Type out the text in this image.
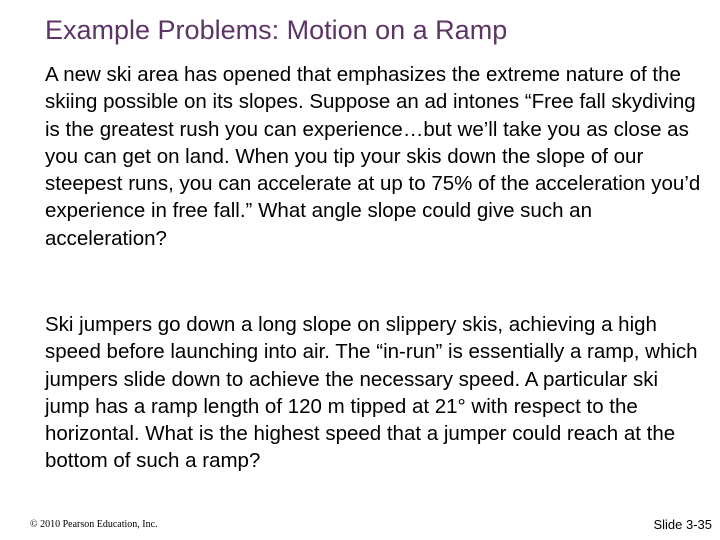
Example Problems: Motion on a Ramp
A new ski area has opened that emphasizes the extreme nature of the skiing possible on its slopes. Suppose an ad intones “Free fall skydiving is the greatest rush you can experience…but we’ll take you as close as you can get on land. When you tip your skis down the slope of our steepest runs, you can accelerate at up to 75% of the acceleration you’d experience in free fall.” What angle slope could give such an acceleration?
Ski jumpers go down a long slope on slippery skis, achieving a high speed before launching into air. The “in-run” is essentially a ramp, which jumpers slide down to achieve the necessary speed. A particular ski jump has a ramp length of 120 m tipped at 21° with respect to the horizontal. What is the highest speed that a jumper could reach at the bottom of such a ramp?
© 2010 Pearson Education, Inc.	Slide 3-35
